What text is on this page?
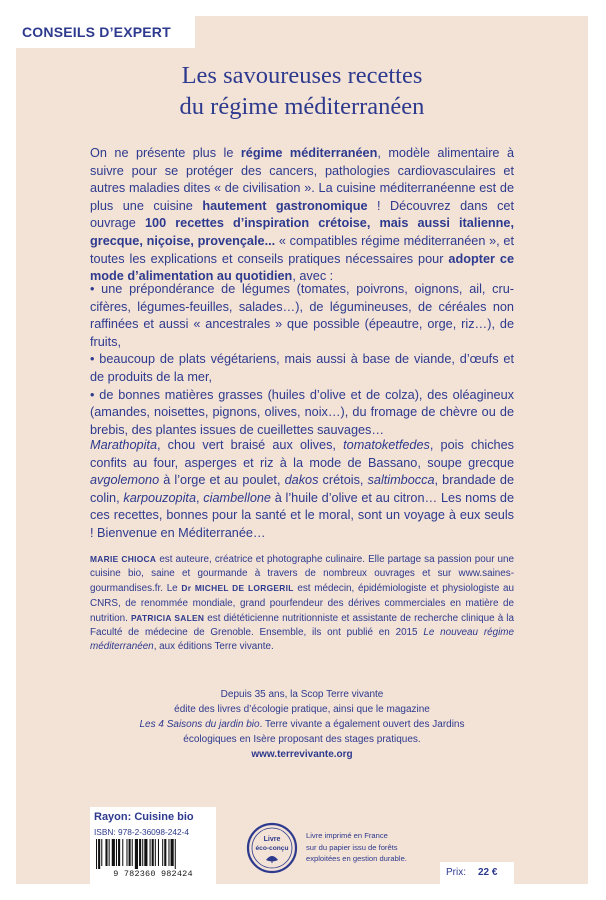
CONSEILS D’EXPERT
Les savoureuses recettes
du régime méditerranéen

On ne présente plus le régime méditerranéen, modèle alimentaire à suivre pour se protéger des cancers, pathologies cardiovasculaires et autres maladies dites « de civilisation ». La cuisine méditerranéenne est de plus une cuisine hautement gastronomique ! Découvrez dans cet ouvrage 100 recettes d’inspiration crétoise, mais aussi italienne, grecque, niçoise, provençale... « compatibles régime méditerranéen », et toutes les explications et conseils pratiques nécessaires pour adopter ce mode d’alimentation au quotidien, avec :

• une prépondérance de légumes (tomates, poivrons, oignons, ail, crucifères, légumes-feuilles, salades…), de légumineuses, de céréales non raffinées et aussi « ancestrales » que possible (épeautre, orge, riz…), de fruits,
• beaucoup de plats végétariens, mais aussi à base de viande, d’œufs et de produits de la mer,
• de bonnes matières grasses (huiles d’olive et de colza), des oléagineux (amandes, noisettes, pignons, olives, noix…), du fromage de chèvre ou de brebis, des plantes issues de cueillettes sauvages…

Marathopita, chou vert braisé aux olives, tomatoketfedes, pois chiches confits au four, asperges et riz à la mode de Bassano, soupe grecque avgolemono à l’orge et au poulet, dakos crétois, saltimbocca, brandade de colin, karpouzopita, ciambellone à l’huile d’olive et au citron… Les noms de ces recettes, bonnes pour la santé et le moral, sont un voyage à eux seuls ! Bienvenue en Méditerranée…

MARIE CHIOCA est auteure, créatrice et photographe culinaire. Elle partage sa passion pour une cuisine bio, saine et gourmande à travers de nombreux ouvrages et sur www.saines-gourmandises.fr. Le Dr MICHEL DE LORGERIL est médecin, épidémiologiste et physiologiste au CNRS, de renommée mondiale, grand pourfendeur des dérives commerciales en matière de nutrition. PATRICIA SALEN est diététicienne nutritionniste et assistante de recherche clinique à la Faculté de médecine de Grenoble. Ensemble, ils ont publié en 2015 Le nouveau régime méditerranéen, aux éditions Terre vivante.

Depuis 35 ans, la Scop Terre vivante
édite des livres d’écologie pratique, ainsi que le magazine
Les 4 Saisons du jardin bio. Terre vivante a également ouvert des Jardins
écologiques en Isère proposant des stages pratiques.
www.terrevivante.org

Rayon: Cuisine bio
ISBN: 978-2-36098-242-4
9 782360 982424
Livre
éco-conçu
Livre imprimé en France
sur du papier issu de forêts
exploitées en gestion durable.
Prix: 22 €
